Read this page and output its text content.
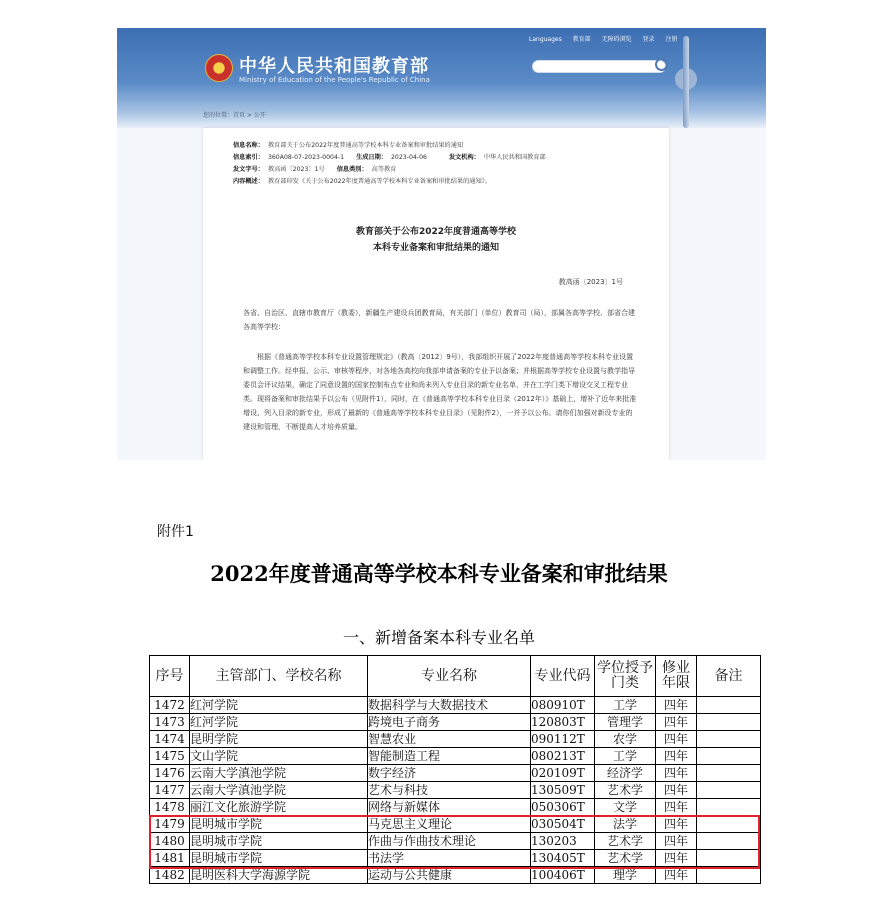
中华人民共和国教育部
Ministry of Education of the People's Republic of China
Languages 教育部 无障碍浏览 登录 注册
您的位置：首页 > 公开
信息名称： 教育部关于公布2022年度普通高等学校本科专业备案和审批结果的通知
信息索引： 360A08-07-2023-0004-1 生成日期： 2023-04-06	发文机构： 中华人民共和国教育部
发文字号： 教高函〔2023〕1号 信息类别： 高等教育
内容概述： 教育部印发《关于公布2022年度普通高等学校本科专业备案和审批结果的通知》。
教育部关于公布2022年度普通高等学校
本科专业备案和审批结果的通知
教高函〔2023〕1号
各省、自治区、直辖市教育厅（教委），新疆生产建设兵团教育局，有关部门（单位）教育司（局），部属各高等学校、部省合建各高等学校：
根据《普通高等学校本科专业设置管理规定》（教高〔2012〕9号），我部组织开展了2022年度普通高等学校本科专业设置和调整工作。经申报、公示、审核等程序，对各地各高校向我部申请备案的专业予以备案；并根据高等学校专业设置与教学指导委员会评议结果，确定了同意设置的国家控制布点专业和尚未列入专业目录的新专业名单，并在工学门类下增设交叉工程专业类。现将备案和审批结果予以公布（见附件1），同时，在《普通高等学校本科专业目录（2012年）》基础上，增补了近年来批准增设、列入目录的新专业，形成了最新的《普通高等学校本科专业目录》（见附件2），一并予以公布。请你们加强对新设专业的建设和管理，不断提高人才培养质量。
附件1
2022年度普通高等学校本科专业备案和审批结果
一、新增备案本科专业名单
序号	主管部门、学校名称	专业名称	专业代码	学位授予门类	修业年限	备注
1472	红河学院	数据科学与大数据技术	080910T	工学	四年	
1473	红河学院	跨境电子商务	120803T	管理学	四年	
1474	昆明学院	智慧农业	090112T	农学	四年	
1475	文山学院	智能制造工程	080213T	工学	四年	
1476	云南大学滇池学院	数字经济	020109T	经济学	四年	
1477	云南大学滇池学院	艺术与科技	130509T	艺术学	四年	
1478	丽江文化旅游学院	网络与新媒体	050306T	文学	四年	
1479	昆明城市学院	马克思主义理论	030504T	法学	四年	
1480	昆明城市学院	作曲与作曲技术理论	130203	艺术学	四年	
1481	昆明城市学院	书法学	130405T	艺术学	四年	
1482	昆明医科大学海源学院	运动与公共健康	100406T	理学	四年	
